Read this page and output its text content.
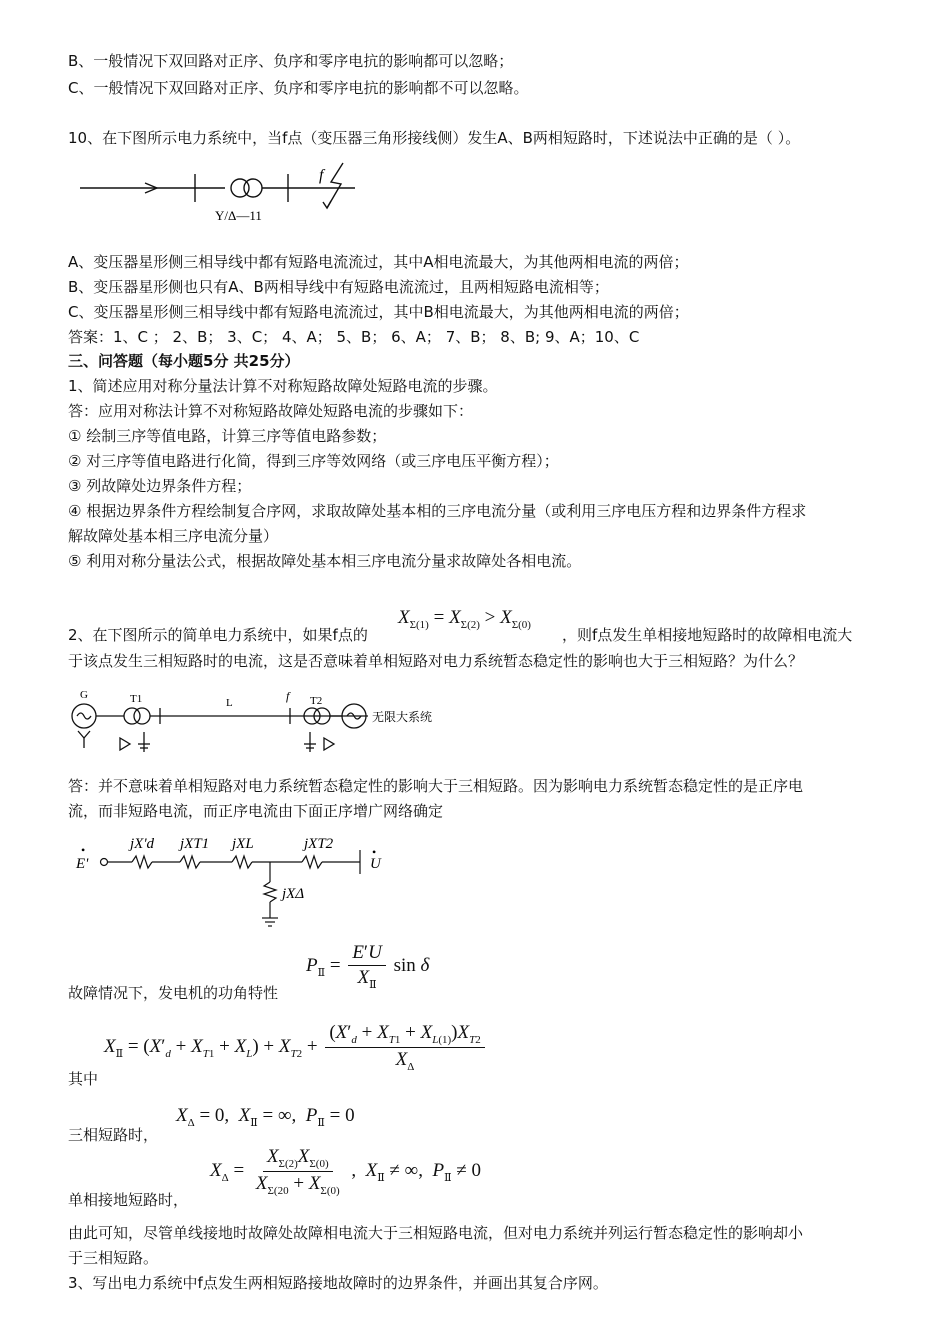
B、一般情况下双回路对正序、负序和零序电抗的影响都可以忽略；
C、一般情况下双回路对正序、负序和零序电抗的影响都不可以忽略。
10、在下图所示电力系统中，当f点（变压器三角形接线侧）发生A、B两相短路时，下述说法中正确的是（ ）。
f
Y/Δ—11
A、变压器星形侧三相导线中都有短路电流流过，其中A相电流最大，为其他两相电流的两倍；
B、变压器星形侧也只有A、B两相导线中有短路电流流过，且两相短路电流相等；
C、变压器星形侧三相导线中都有短路电流流过，其中B相电流最大，为其他两相电流的两倍；
答案：1、C ； 2、B； 3、C； 4、A； 5、B； 6、A； 7、B； 8、B; 9、A；10、C
三、问答题（每小题5分 共25分）
1、简述应用对称分量法计算不对称短路故障处短路电流的步骤。
答：应用对称法计算不对称短路故障处短路电流的步骤如下：
① 绘制三序等值电路，计算三序等值电路参数；
② 对三序等值电路进行化简，得到三序等效网络（或三序电压平衡方程）；
③ 列故障处边界条件方程；
④ 根据边界条件方程绘制复合序网，求取故障处基本相的三序电流分量（或利用三序电压方程和边界条件方程求
解故障处基本相三序电流分量）
⑤ 利用对称分量法公式，根据故障处基本相三序电流分量求故障处各相电流。
2、在下图所示的简单电力系统中，如果f点的
$X_{\Sigma(1)} = X_{\Sigma(2)} > X_{\Sigma(0)}$
，则f点发生单相接地短路时的故障相电流大
于该点发生三相短路时的电流，这是否意味着单相短路对电力系统暂态稳定性的影响也大于三相短路？为什么？
G	T1	L	f T2
无限大系统
答：并不意味着单相短路对电力系统暂态稳定性的影响大于三相短路。因为影响电力系统暂态稳定性的是正序电
流，而非短路电流，而正序电流由下面正序增广网络确定
E'
•	jX'd jXT1 jXL	jXT2
U
•
jXΔ
$P_Ⅱ = \frac{E'U}{X_Ⅱ}$ sin δ
故障情况下，发电机的功角特性
$X_Ⅱ = (X'_d + X_{T1} + X_L) + X_{T2} + \frac{(X'_d + X_{T1} + X_{L(1)})X_{T2}}{X_\Delta}$
其中
$X_\Delta = 0$,  $X_Ⅱ$ = ∞,  $P_Ⅱ = 0$
三相短路时，
$X_\Delta = \frac{X_{\Sigma(2)}X_{\Sigma(0)}}{X_{\Sigma(20} + X_{\Sigma(0)}}$ ,  $X_Ⅱ$ ≠ ∞,  $P_Ⅱ \ne 0$
单相接地短路时，
由此可知，尽管单线接地时故障处故障相电流大于三相短路电流，但对电力系统并列运行暂态稳定性的影响却小
于三相短路。
3、写出电力系统中f点发生两相短路接地故障时的边界条件，并画出其复合序网。
